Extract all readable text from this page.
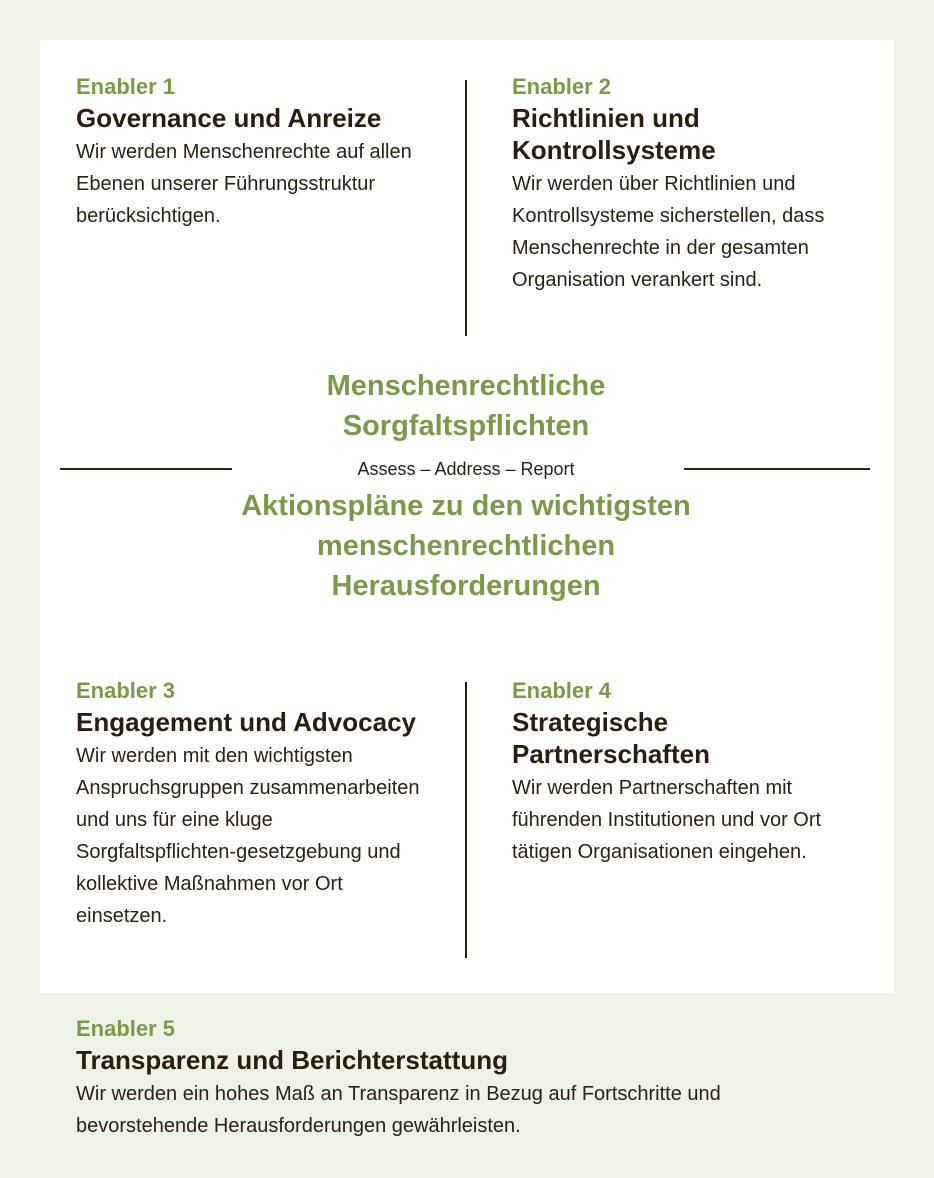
Enabler 1

Governance und Anreize

Wir werden Menschenrechte auf allen Ebenen unserer Führungsstruktur berücksichtigen.

Enabler 2

Richtlinien und Kontrollsysteme

Wir werden über Richtlinien und Kontrollsysteme sicherstellen, dass Menschenrechte in der gesamten Organisation verankert sind.

Menschenrechtliche Sorgfaltspflichten

Assess – Address – Report

Aktionspläne zu den wichtigsten menschenrechtlichen Herausforderungen

Enabler 3

Engagement und Advocacy

Wir werden mit den wichtigsten Anspruchsgruppen zusammenarbeiten und uns für eine kluge Sorgfaltspflichten-gesetzgebung und kollektive Maßnahmen vor Ort einsetzen.

Enabler 4

Strategische Partnerschaften

Wir werden Partnerschaften mit führenden Institutionen und vor Ort tätigen Organisationen eingehen.

Enabler 5

Transparenz und Berichterstattung

Wir werden ein hohes Maß an Transparenz in Bezug auf Fortschritte und bevorstehende Herausforderungen gewährleisten.
